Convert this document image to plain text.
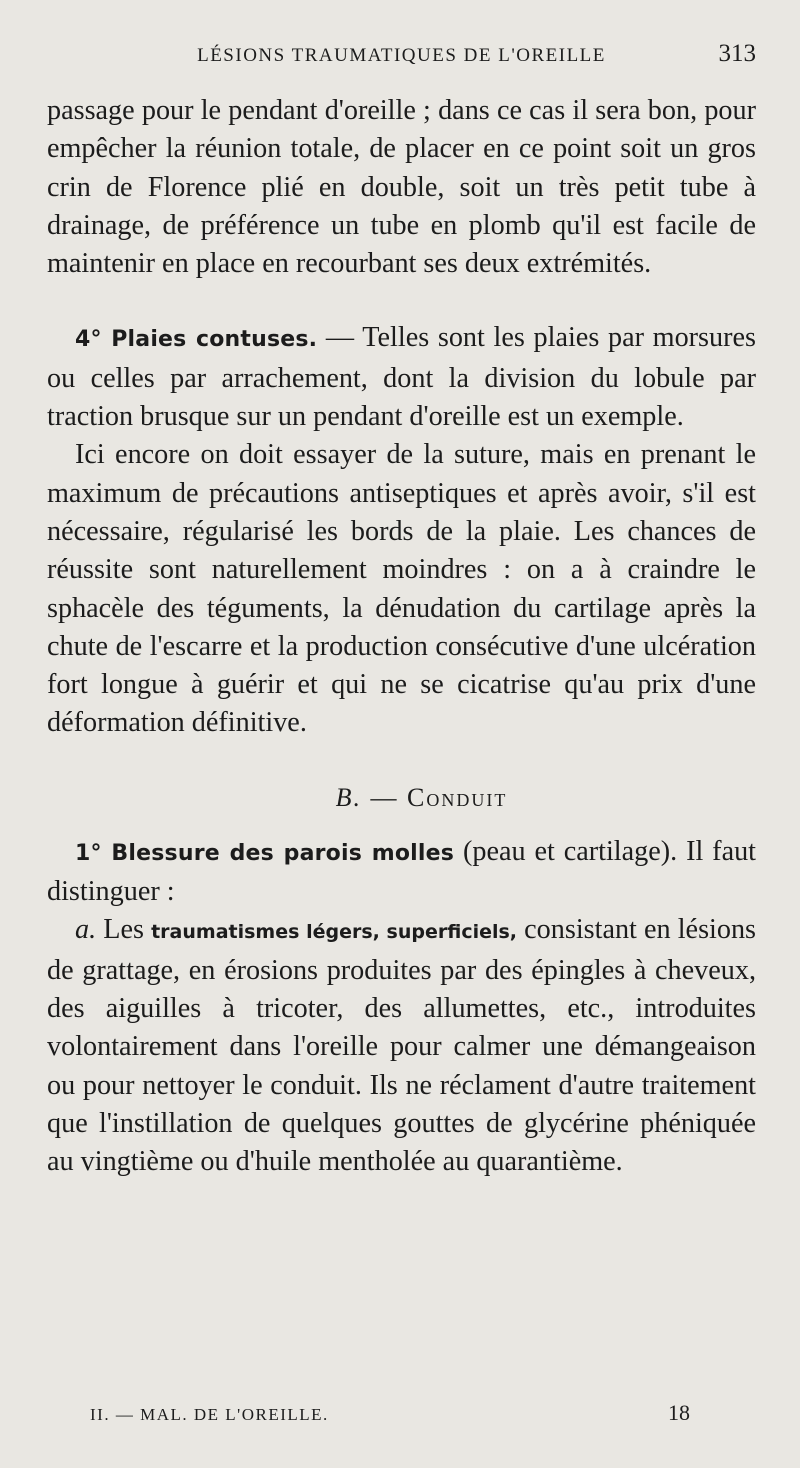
LÉSIONS TRAUMATIQUES DE L'OREILLE	313

passage pour le pendant d'oreille ; dans ce cas il sera bon, pour empêcher la réunion totale, de placer en ce point soit un gros crin de Florence plié en double, soit un très petit tube à drainage, de préférence un tube en plomb qu'il est facile de maintenir en place en recourbant ses deux extrémités.

4° Plaies contuses. — Telles sont les plaies par morsures ou celles par arrachement, dont la division du lobule par traction brusque sur un pendant d'oreille est un exemple.

Ici encore on doit essayer de la suture, mais en prenant le maximum de précautions antiseptiques et après avoir, s'il est nécessaire, régularisé les bords de la plaie. Les chances de réussite sont naturellement moindres : on a à craindre le sphacèle des téguments, la dénudation du cartilage après la chute de l'escarre et la production consécutive d'une ulcération fort longue à guérir et qui ne se cicatrise qu'au prix d'une déformation définitive.

B. — Conduit

1° Blessure des parois molles (peau et cartilage). Il faut distinguer :

a. Les traumatismes légers, superficiels, consistant en lésions de grattage, en érosions produites par des épingles à cheveux, des aiguilles à tricoter, des allumettes, etc., introduites volontairement dans l'oreille pour calmer une démangeaison ou pour nettoyer le conduit. Ils ne réclament d'autre traitement que l'instillation de quelques gouttes de glycérine phéniquée au vingtième ou d'huile mentholée au quarantième.

II. — MAL. DE L'OREILLE.	18
